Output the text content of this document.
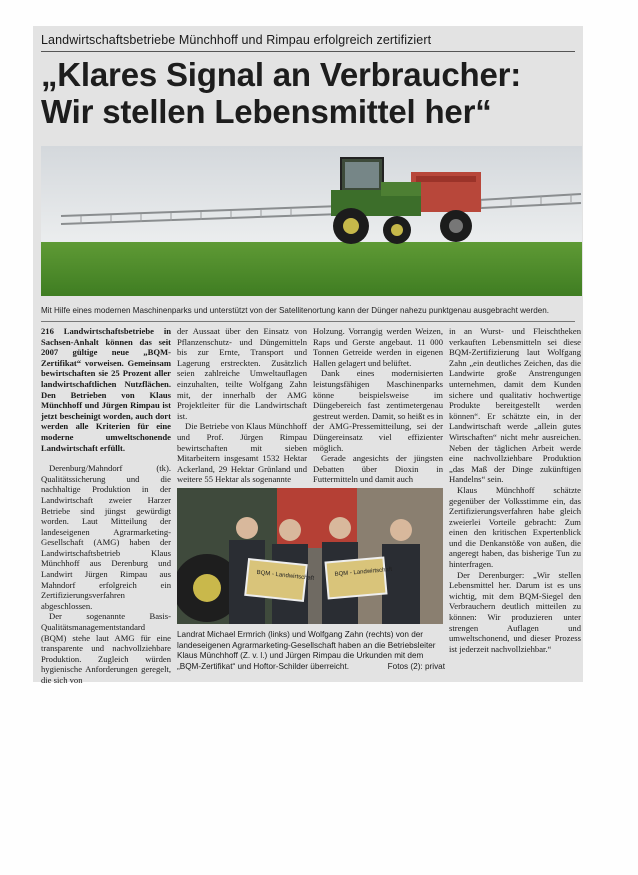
Landwirtschaftsbetriebe Münchhoff und Rimpau erfolgreich zertifiziert
„Klares Signal an Verbraucher:
Wir stellen Lebensmittel her“
Mit Hilfe eines modernen Maschinenparks und unterstützt von der Satellitenortung kann der Dünger nahezu punktgenau ausgebracht werden.

216 Landwirtschaftsbetriebe in Sachsen-Anhalt können das seit 2007 gültige neue „BQM-Zertifikat“ vorweisen. Gemeinsam bewirtschaften sie 25 Prozent aller landwirtschaftlichen Nutzflächen. Den Betrieben von Klaus Münchhoff und Jürgen Rimpau ist jetzt bescheinigt worden, auch dort werden alle Kriterien für eine moderne umweltschonende Landwirtschaft erfüllt.

Derenburg/Mahndorf (tk). Qualitätssicherung und die nachhaltige Produktion in der Landwirtschaft zweier Harzer Betriebe sind jüngst gewürdigt worden. Laut Mitteilung der landeseigenen Agrarmarketing-Gesellschaft (AMG) haben der Landwirtschaftsbetrieb Klaus Münchhoff aus Derenburg und Landwirt Jürgen Rimpau aus Mahndorf erfolgreich ein Zertifizierungsverfahren abgeschlossen.

Der sogenannte Basis-Qualitätsmanagementstandard (BQM) stehe laut AMG für eine transparente und nachvollziehbare Produktion. Zugleich würden hygienische Anforderungen geregelt, die sich von

der Aussaat über den Einsatz von Pflanzenschutz- und Düngemitteln bis zur Ernte, Transport und Lagerung erstreckten. Zusätzlich seien zahlreiche Umweltauflagen einzuhalten, teilte Wolfgang Zahn mit, der innerhalb der AMG Projektleiter für die Landwirtschaft ist.

Die Betriebe von Klaus Münchhoff und Prof. Jürgen Rimpau bewirtschaften mit sieben Mitarbeitern insgesamt 1532 Hektar Ackerland, 29 Hektar Grünland und weitere 55 Hektar als sogenannte

Holzung. Vorrangig werden Weizen, Raps und Gerste angebaut. 11 000 Tonnen Getreide werden in eigenen Hallen gelagert und belüftet.

Dank eines modernisierten leistungsfähigen Maschinenparks könne beispielsweise im Düngebereich fast zentimetergenau gestreut werden. Damit, so heißt es in der AMG-Pressemitteilung, sei der Düngereinsatz viel effizienter möglich.

Gerade angesichts der jüngsten Debatten über Dioxin in Futtermitteln und damit auch

in an Wurst- und Fleischtheken verkauften Lebensmitteln sei diese BQM-Zertifizierung laut Wolfgang Zahn „ein deutliches Zeichen, das die Landwirte große Anstrengungen unternehmen, damit dem Kunden sichere und qualitativ hochwertige Produkte bereitgestellt werden können“. Er schätzte ein, in der Landwirtschaft werde „allein gutes Wirtschaften“ nicht mehr ausreichen. Neben der täglichen Arbeit werde eine nachvollziehbare Produktion „das Maß der Dinge zukünftigen Handelns“ sein.

Klaus Münchhoff schätzte gegenüber der Volksstimme ein, das Zertifizierungsverfahren habe gleich zweierlei Vorteile gebracht: Zum einen den kritischen Expertenblick und die Denkanstöße von außen, die angeregt haben, das bisherige Tun zu hinterfragen.

Der Derenburger: „Wir stellen Lebensmittel her. Darum ist es uns wichtig, mit dem BQM-Siegel den Verbrauchern deutlich mitteilen zu können: Wir produzieren unter strengen Auflagen und umweltschonend, und dieser Prozess ist jederzeit nachvollziehbar.“

BQM - Landwirtschaft	BQM - Landwirtschaft
Landrat Michael Ermrich (links) und Wolfgang Zahn (rechts) von der landeseigenen Agrarmarketing-Gesellschaft haben an die Betriebsleiter Klaus Münchhoff (Z. v. l.) und Jürgen Rimpau die Urkunden mit dem „BQM-Zertifikat“ und Hoftor-Schilder überreicht.	Fotos (2): privat
